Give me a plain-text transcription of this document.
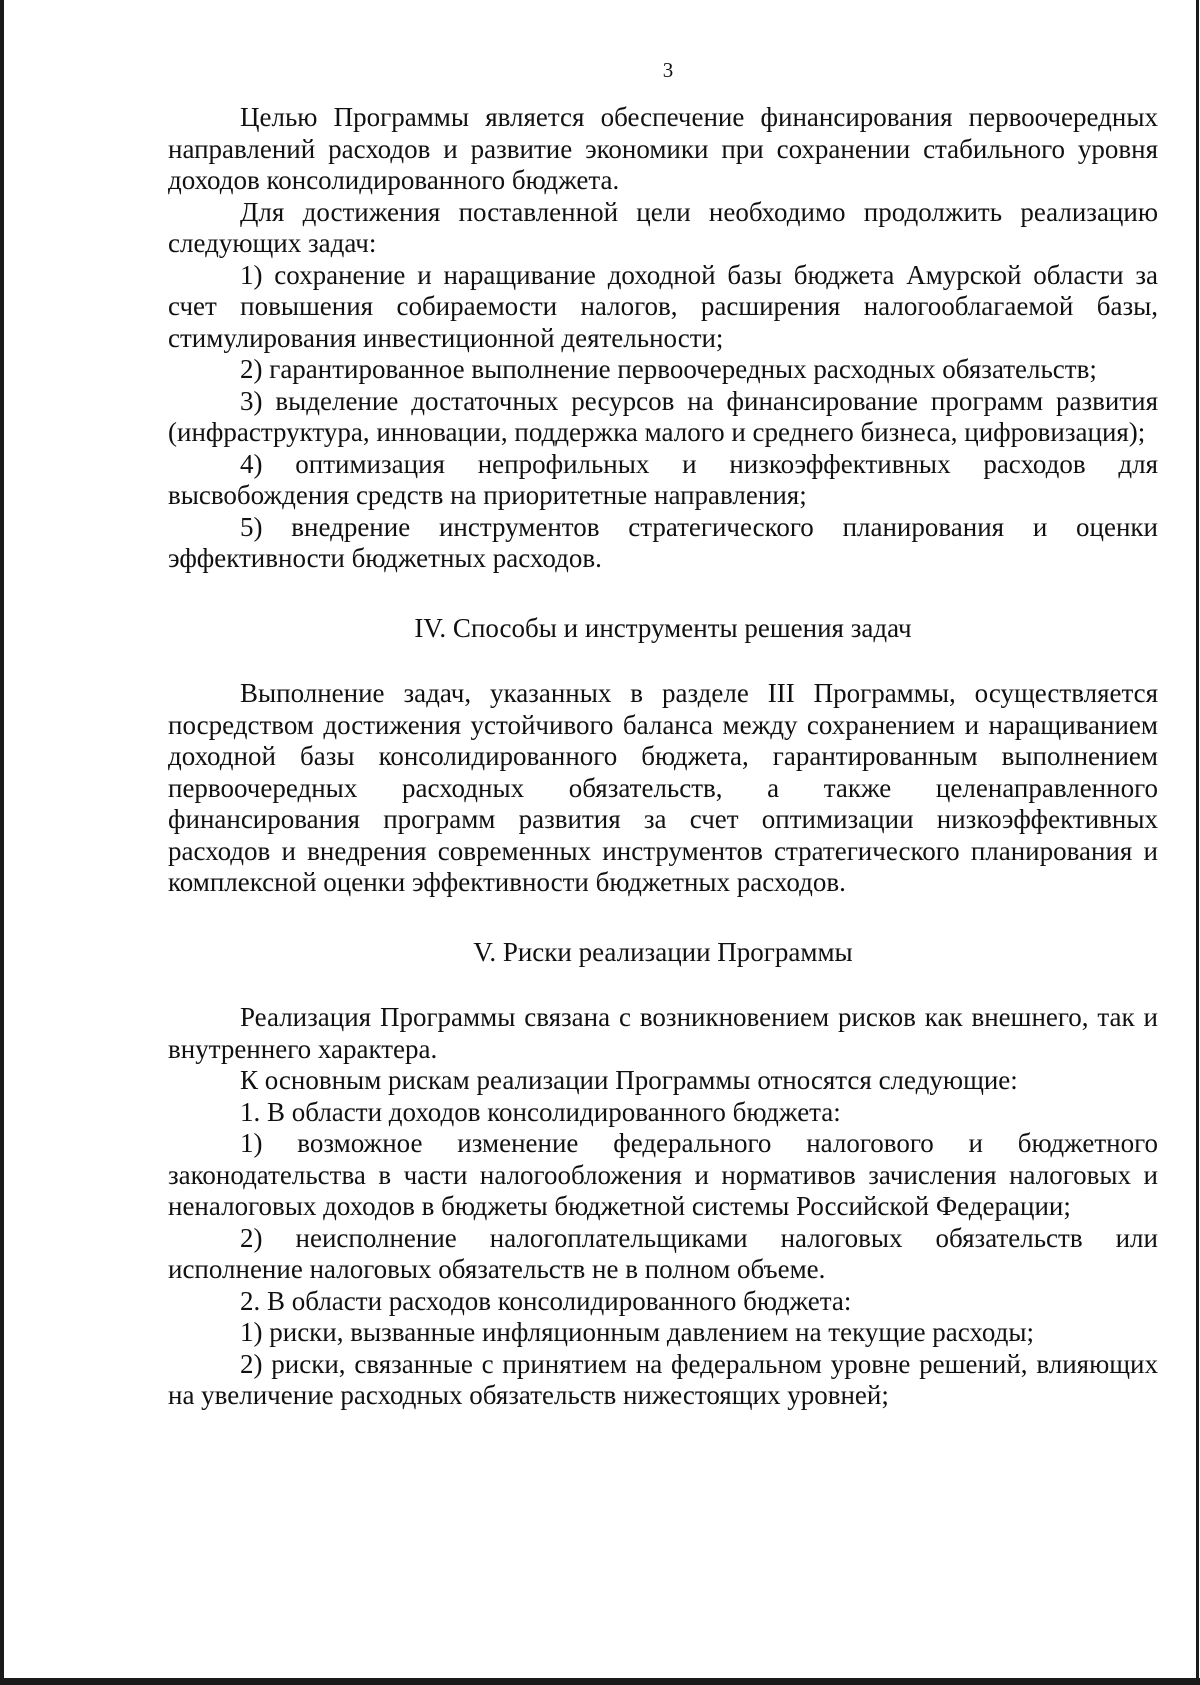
3

Целью Программы является обеспечение финансирования первоочередных направлений расходов и развитие экономики при сохранении стабильного уровня доходов консолидированного бюджета.

Для достижения поставленной цели необходимо продолжить реализацию следующих задач:

1) сохранение и наращивание доходной базы бюджета Амурской области за счет повышения собираемости налогов, расширения налогооблагаемой базы, стимулирования инвестиционной деятельности;

2) гарантированное выполнение первоочередных расходных обязательств;

3) выделение достаточных ресурсов на финансирование программ развития (инфраструктура, инновации, поддержка малого и среднего бизнеса, цифровизация);

4) оптимизация непрофильных и низкоэффективных расходов для высвобождения средств на приоритетные направления;

5) внедрение инструментов стратегического планирования и оценки эффективности бюджетных расходов.

IV. Способы и инструменты решения задач

Выполнение задач, указанных в разделе III Программы, осуществляется посредством достижения устойчивого баланса между сохранением и наращиванием доходной базы консолидированного бюджета, гарантированным выполнением первоочередных расходных обязательств, а также целенаправленного финансирования программ развития за счет оптимизации низкоэффективных расходов и внедрения современных инструментов стратегического планирования и комплексной оценки эффективности бюджетных расходов.

V. Риски реализации Программы

Реализация Программы связана с возникновением рисков как внешнего, так и внутреннего характера.

К основным рискам реализации Программы относятся следующие:

1. В области доходов консолидированного бюджета:

1) возможное изменение федерального налогового и бюджетного законодательства в части налогообложения и нормативов зачисления налоговых и неналоговых доходов в бюджеты бюджетной системы Российской Федерации;

2) неисполнение налогоплательщиками налоговых обязательств или исполнение налоговых обязательств не в полном объеме.

2. В области расходов консолидированного бюджета:

1) риски, вызванные инфляционным давлением на текущие расходы;

2) риски, связанные с принятием на федеральном уровне решений, влияющих на увеличение расходных обязательств нижестоящих уровней;
